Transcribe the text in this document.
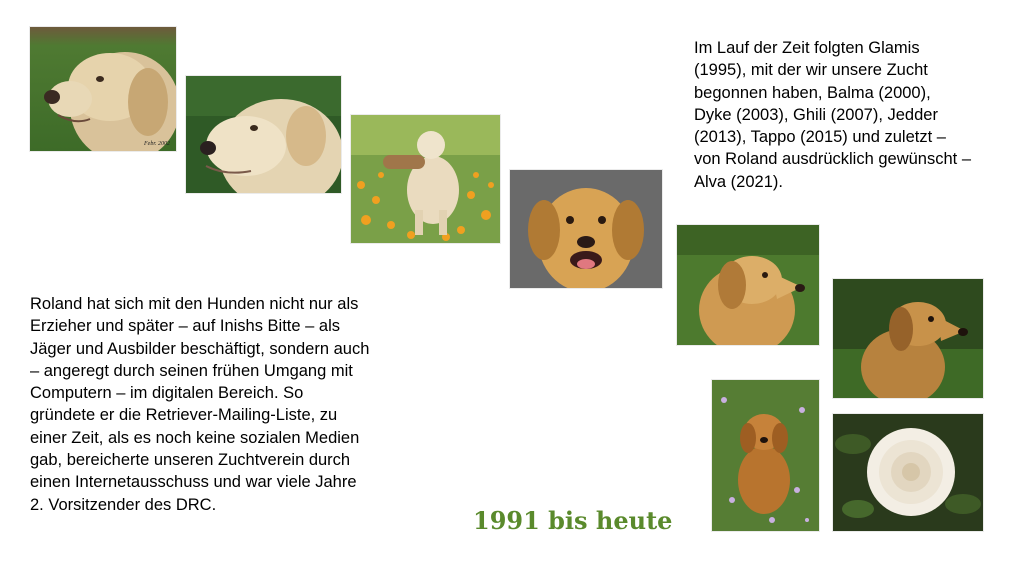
Febr. 2002
Im Lauf der Zeit folgten Glamis
(1995), mit der wir unsere Zucht
begonnen haben, Balma (2000),
Dyke (2003), Ghili (2007), Jedder
(2013), Tappo (2015) und zuletzt –
von Roland ausdrücklich gewünscht –
Alva (2021).
Roland hat sich mit den Hunden nicht nur als
Erzieher und später – auf Inishs Bitte – als
Jäger und Ausbilder beschäftigt, sondern auch
– angeregt durch seinen frühen Umgang mit
Computern – im digitalen Bereich. So
gründete er die Retriever-Mailing-Liste, zu
einer Zeit, als es noch keine sozialen Medien
gab, bereicherte unseren Zuchtverein durch
einen Internetausschuss und war viele Jahre
2. Vorsitzender des DRC.
1991 bis heute
